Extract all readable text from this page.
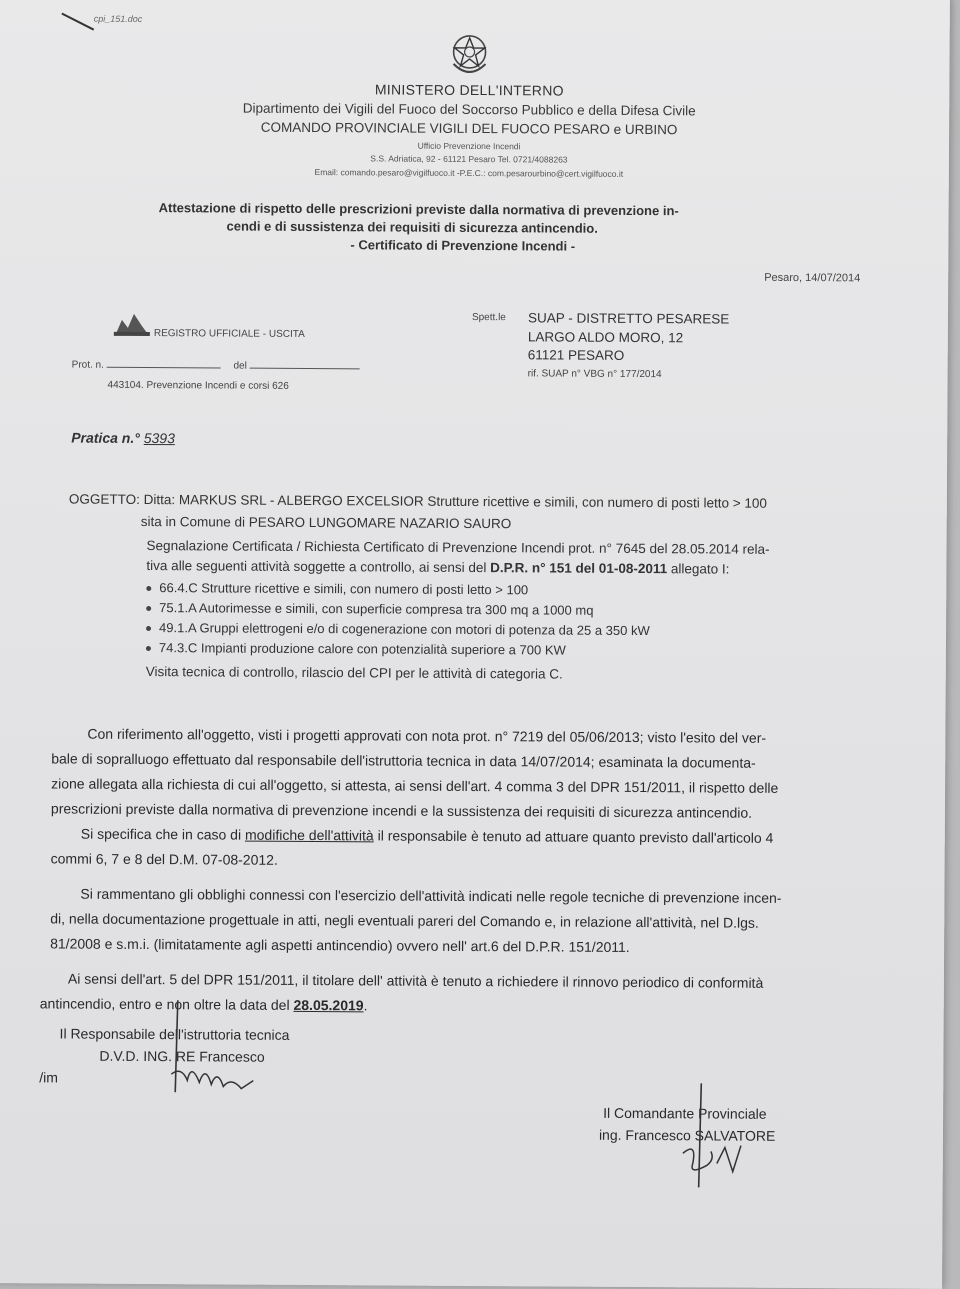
cpi_151.doc
MINISTERO DELL'INTERNO
Dipartimento dei Vigili del Fuoco del Soccorso Pubblico e della Difesa Civile
COMANDO PROVINCIALE VIGILI DEL FUOCO PESARO e URBINO
Ufficio Prevenzione Incendi
S.S. Adriatica, 92 - 61121 Pesaro Tel. 0721/4088263
Email: comando.pesaro@vigilfuoco.it -P.E.C.: com.pesarourbino@cert.vigilfuoco.it
Attestazione di rispetto delle prescrizioni previste dalla normativa di prevenzione in-
cendi e di sussistenza dei requisiti di sicurezza antincendio.
- Certificato di Prevenzione Incendi -
Pesaro, 14/07/2014
REGISTRO UFFICIALE - USCITA
Prot. n.	del
443104. Prevenzione Incendi e corsi 626
Spett.le SUAP - DISTRETTO PESARESE
LARGO ALDO MORO, 12
61121 PESARO
rif. SUAP n° VBG n° 177/2014
Pratica n.° 5393
OGGETTO: Ditta: MARKUS SRL - ALBERGO EXCELSIOR Strutture ricettive e simili, con numero di posti letto > 100
sita in Comune di PESARO LUNGOMARE NAZARIO SAURO
Segnalazione Certificata / Richiesta Certificato di Prevenzione Incendi prot. n° 7645 del 28.05.2014 rela-
tiva alle seguenti attività soggette a controllo, ai sensi del D.P.R. n° 151 del 01-08-2011 allegato I:
66.4.C Strutture ricettive e simili, con numero di posti letto > 100
75.1.A Autorimesse e simili, con superficie compresa tra 300 mq a 1000 mq
49.1.A Gruppi elettrogeni e/o di cogenerazione con motori di potenza da 25 a 350 kW
74.3.C Impianti produzione calore con potenzialità superiore a 700 KW
Visita tecnica di controllo, rilascio del CPI per le attività di categoria C.
Con riferimento all'oggetto, visti i progetti approvati con nota prot. n° 7219 del 05/06/2013; visto l'esito del ver-
bale di sopralluogo effettuato dal responsabile dell'istruttoria tecnica in data 14/07/2014; esaminata la documenta-
zione allegata alla richiesta di cui all'oggetto, si attesta, ai sensi dell'art. 4 comma 3 del DPR 151/2011, il rispetto delle
prescrizioni previste dalla normativa di prevenzione incendi e la sussistenza dei requisiti di sicurezza antincendio.
Si specifica che in caso di modifiche dell'attività il responsabile è tenuto ad attuare quanto previsto dall'articolo 4
commi 6, 7 e 8 del D.M. 07-08-2012.
Si rammentano gli obblighi connessi con l'esercizio dell'attività indicati nelle regole tecniche di prevenzione incen-
di, nella documentazione progettuale in atti, negli eventuali pareri del Comando e, in relazione all'attività, nel D.lgs.
81/2008 e s.m.i. (limitatamente agli aspetti antincendio) ovvero nell' art.6 del D.P.R. 151/2011.
Ai sensi dell'art. 5 del DPR 151/2011, il titolare dell' attività è tenuto a richiedere il rinnovo periodico di conformità
antincendio, entro e non oltre la data del 28.05.2019.
Il Responsabile dell'istruttoria tecnica
D.V.D. ING. RE Francesco
/im
Il Comandante Provinciale
ing. Francesco SALVATORE
